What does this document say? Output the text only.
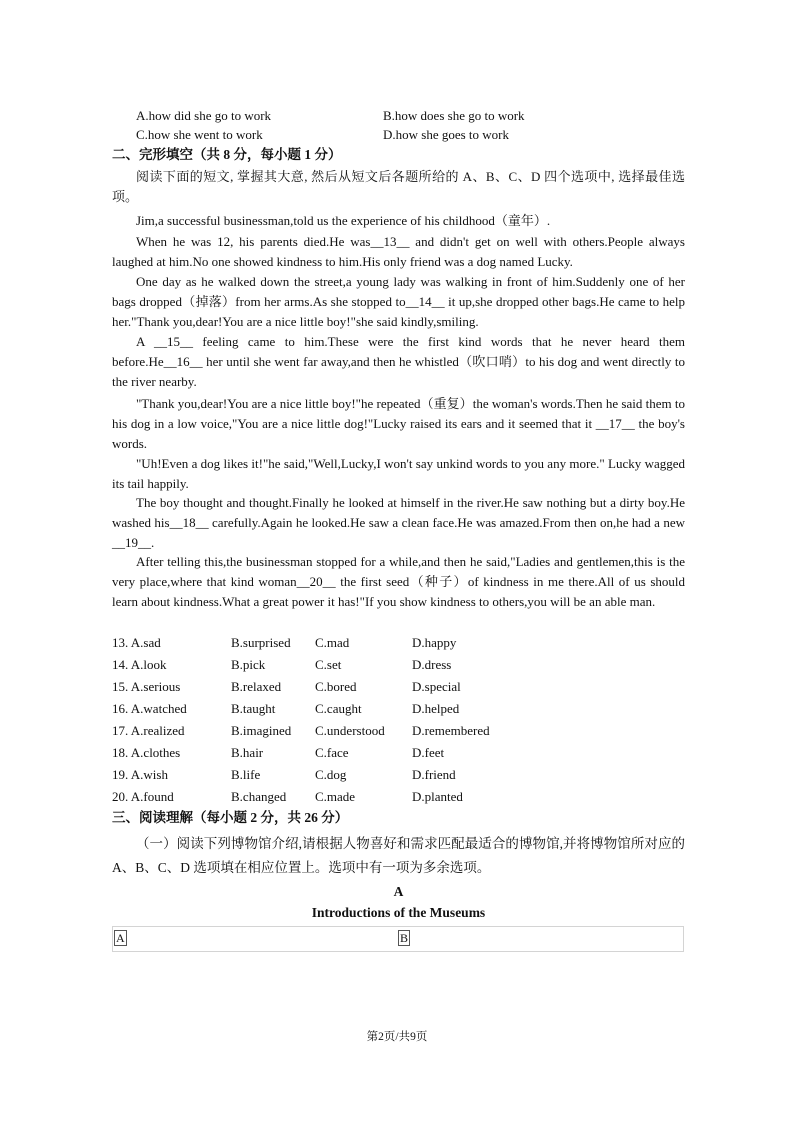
A.how did she go to work	B.how does she go to work
C.how she went to work	D.how she goes to work
二、完形填空（共 8 分，每小题 1 分）
阅读下面的短文, 掌握其大意, 然后从短文后各题所给的 A、B、C、D 四个选项中, 选择最佳选项。
Jim,a successful businessman,told us the experience of his childhood（童年）.
When he was 12, his parents died.He was__13__ and didn't get on well with others.People always laughed at him.No one showed kindness to him.His only friend was a dog named Lucky.
One day as he walked down the street,a young lady was walking in front of him.Suddenly one of her bags dropped（掉落）from her arms.As she stopped to__14__ it up,she dropped other bags.He came to help her."Thank you,dear!You are a nice little boy!"she said kindly,smiling.
A __15__ feeling came to him.These were the first kind words that he never heard them before.He__16__ her until she went far away,and then he whistled（吹口哨）to his dog and went directly to the river nearby.
"Thank you,dear!You are a nice little boy!"he repeated（重复）the woman's words.Then he said them to his dog in a low voice,"You are a nice little dog!"Lucky raised its ears and it seemed that it __17__ the boy's words.
"Uh!Even a dog likes it!"he said,"Well,Lucky,I won't say unkind words to you any more." Lucky wagged its tail happily.
The boy thought and thought.Finally he looked at himself in the river.He saw nothing but a dirty boy.He washed his__18__ carefully.Again he looked.He saw a clean face.He was amazed.From then on,he had a new __19__.
After telling this,the businessman stopped for a while,and then he said,"Ladies and gentlemen,this is the very place,where that kind woman__20__ the first seed（种子）of kindness in me there.All of us should learn about kindness.What a great power it has!"If you show kindness to others,you will be an able man.
13. A.sad	B.surprised C.mad	D.happy
14. A.look	B.pick	C.set	D.dress
15. A.serious	B.relaxed	C.bored	D.special
16. A.watched	B.taught	C.caught	D.helped
17. A.realized	B.imagined C.understood D.remembered
18. A.clothes	B.hair	C.face	D.feet
19. A.wish	B.life	C.dog	D.friend
20. A.found	B.changed C.made	D.planted
三、阅读理解（每小题 2 分，共 26 分）
（一）阅读下列博物馆介绍,请根据人物喜好和需求匹配最适合的博物馆,并将博物馆所对应的 A、B、C、D 选项填在相应位置上。选项中有一项为多余选项。
A
Introductions of the Museums
A	B
第2页/共9页
